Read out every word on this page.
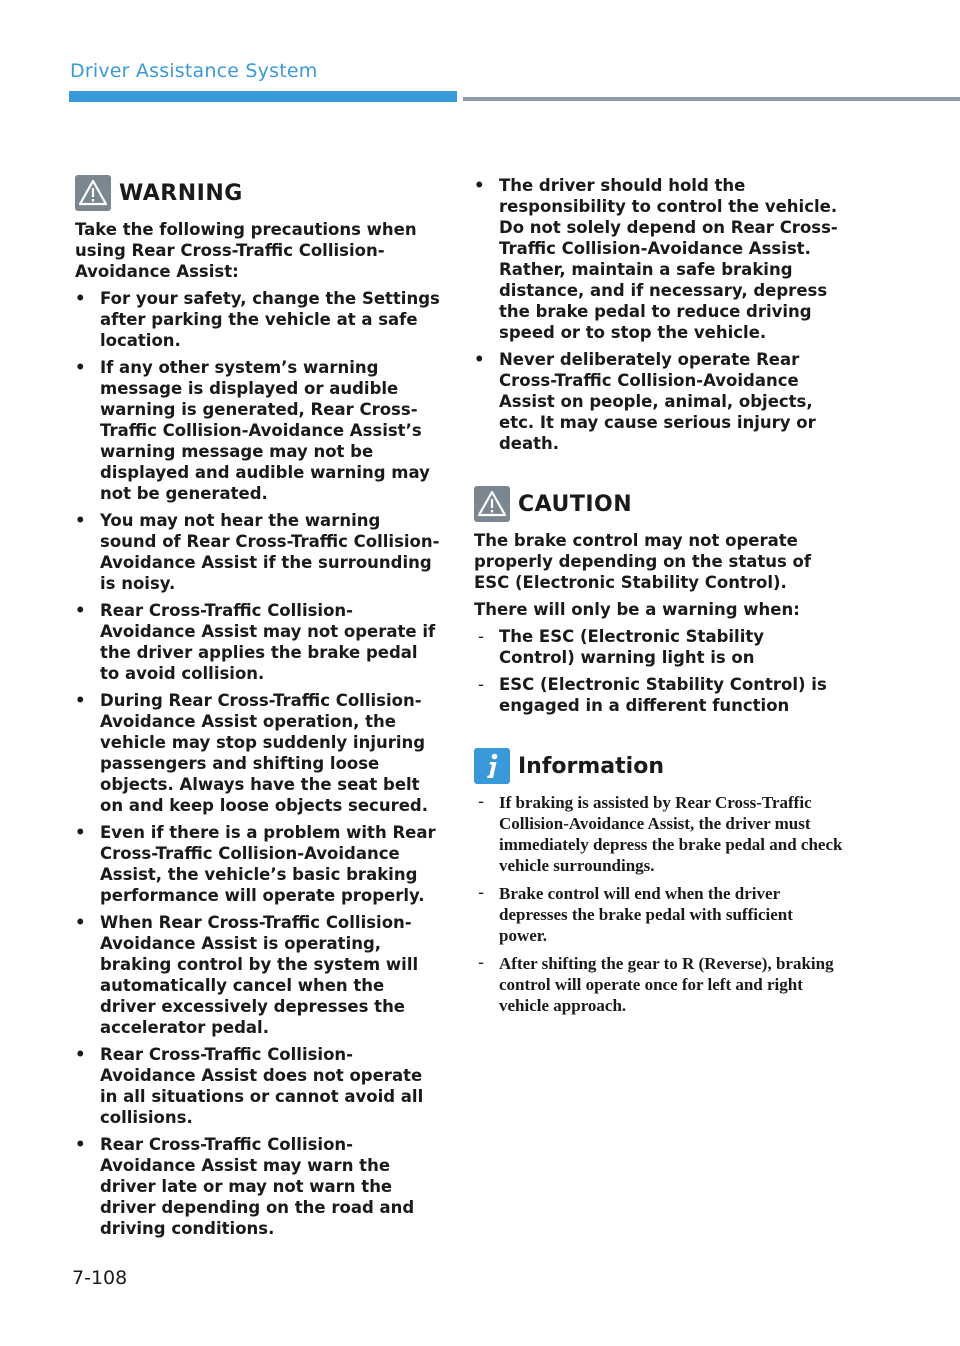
Driver Assistance System
WARNING

Take the following precautions when using Rear Cross-Traffic Collision-Avoidance Assist:

• For your safety, change the Settings after parking the vehicle at a safe location.
• If any other system’s warning message is displayed or audible warning is generated, Rear Cross-Traffic Collision-Avoidance Assist’s warning message may not be displayed and audible warning may not be generated.
• You may not hear the warning sound of Rear Cross-Traffic Collision-Avoidance Assist if the surrounding is noisy.
• Rear Cross-Traffic Collision-Avoidance Assist may not operate if the driver applies the brake pedal to avoid collision.
• During Rear Cross-Traffic Collision-Avoidance Assist operation, the vehicle may stop suddenly injuring passengers and shifting loose objects. Always have the seat belt on and keep loose objects secured.
• Even if there is a problem with Rear Cross-Traffic Collision-Avoidance Assist, the vehicle’s basic braking performance will operate properly.
• When Rear Cross-Traffic Collision-Avoidance Assist is operating, braking control by the system will automatically cancel when the driver excessively depresses the accelerator pedal.
• Rear Cross-Traffic Collision-Avoidance Assist does not operate in all situations or cannot avoid all collisions.
• Rear Cross-Traffic Collision-Avoidance Assist may warn the driver late or may not warn the driver depending on the road and driving conditions.
• The driver should hold the responsibility to control the vehicle. Do not solely depend on Rear Cross-Traffic Collision-Avoidance Assist. Rather, maintain a safe braking distance, and if necessary, depress the brake pedal to reduce driving speed or to stop the vehicle.
• Never deliberately operate Rear Cross-Traffic Collision-Avoidance Assist on people, animal, objects, etc. It may cause serious injury or death.
CAUTION

The brake control may not operate properly depending on the status of ESC (Electronic Stability Control).

There will only be a warning when:

- The ESC (Electronic Stability Control) warning light is on
- ESC (Electronic Stability Control) is engaged in a different function
Information
- If braking is assisted by Rear Cross-Traffic Collision-Avoidance Assist, the driver must immediately depress the brake pedal and check vehicle surroundings.
- Brake control will end when the driver depresses the brake pedal with sufficient power.
- After shifting the gear to R (Reverse), braking control will operate once for left and right vehicle approach.
7-108
